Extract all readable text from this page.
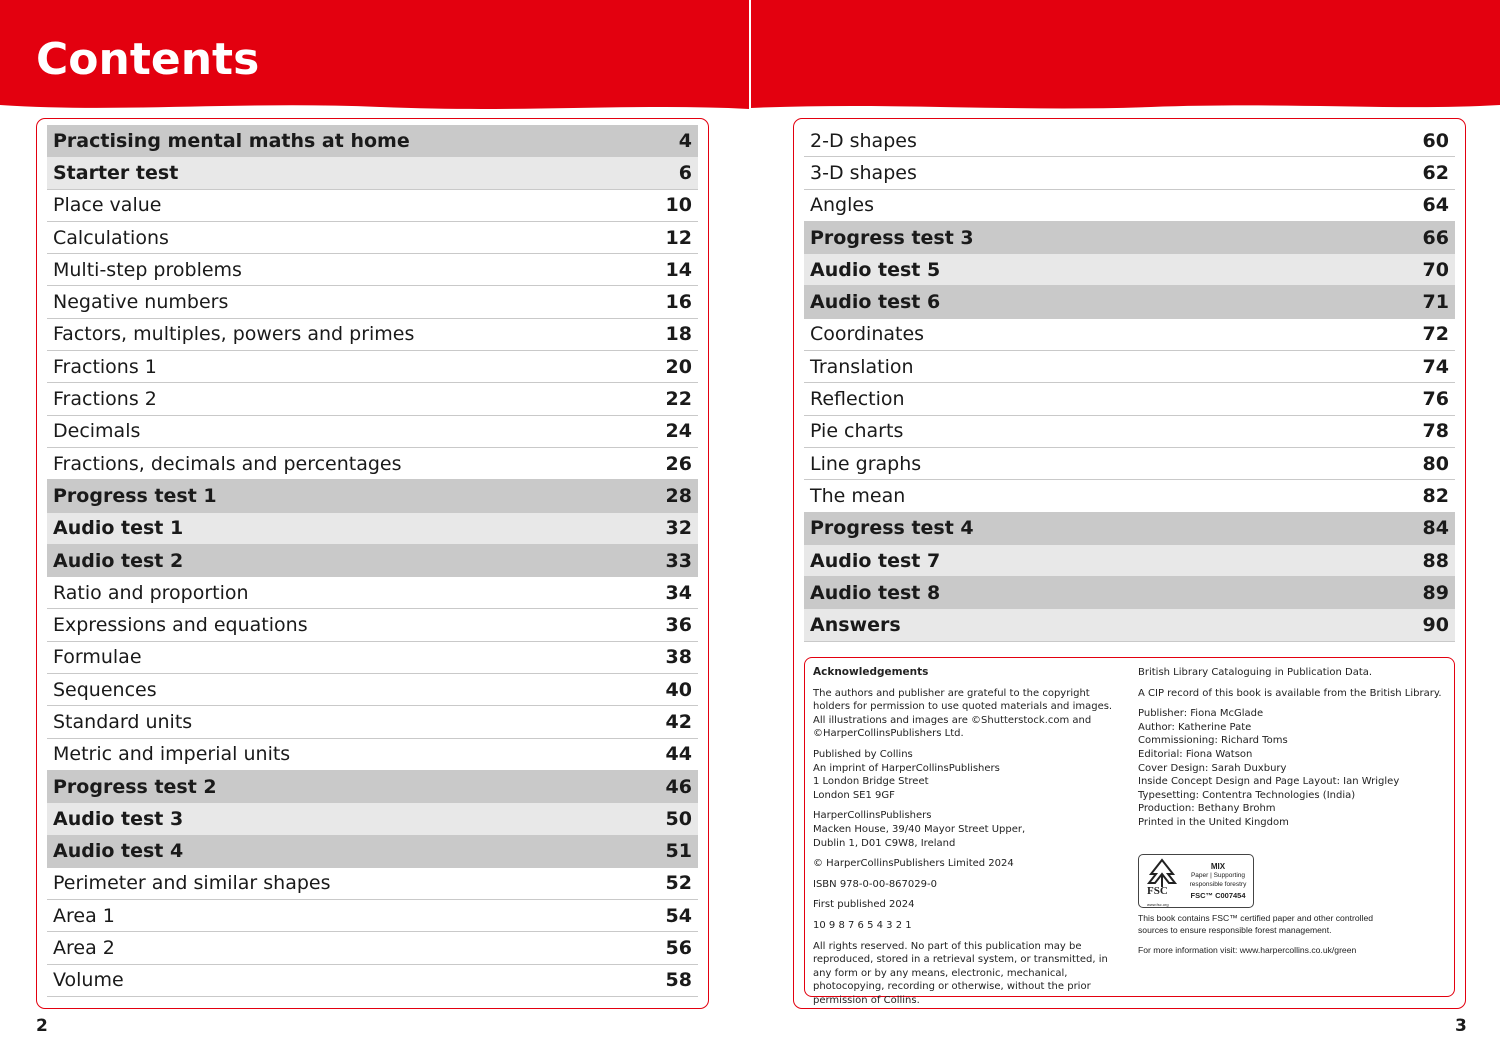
Contents
Practising mental maths at home	4
Starter test	6
Place value	10
Calculations	12
Multi-step problems	14
Negative numbers	16
Factors, multiples, powers and primes	18
Fractions 1	20
Fractions 2	22
Decimals	24
Fractions, decimals and percentages	26
Progress test 1	28
Audio test 1	32
Audio test 2	33
Ratio and proportion	34
Expressions and equations	36
Formulae	38
Sequences	40
Standard units	42
Metric and imperial units	44
Progress test 2	46
Audio test 3	50
Audio test 4	51
Perimeter and similar shapes	52
Area 1	54
Area 2	56
Volume	58
2-D shapes	60
3-D shapes	62
Angles	64
Progress test 3	66
Audio test 5	70
Audio test 6	71
Coordinates	72
Translation	74
Reflection	76
Pie charts	78
Line graphs	80
The mean	82
Progress test 4	84
Audio test 7	88
Audio test 8	89
Answers	90

Acknowledgements

The authors and publisher are grateful to the copyright holders for permission to use quoted materials and images. All illustrations and images are ©Shutterstock.com and ©HarperCollinsPublishers Ltd.

Published by Collins
An imprint of HarperCollinsPublishers
1 London Bridge Street
London SE1 9GF

HarperCollinsPublishers
Macken House, 39/40 Mayor Street Upper,
Dublin 1, D01 C9W8, Ireland

© HarperCollinsPublishers Limited 2024

ISBN 978-0-00-867029-0

First published 2024

10 9 8 7 6 5 4 3 2 1

All rights reserved. No part of this publication may be reproduced, stored in a retrieval system, or transmitted, in any form or by any means, electronic, mechanical, photocopying, recording or otherwise, without the prior permission of Collins.

British Library Cataloguing in Publication Data.

A CIP record of this book is available from the British Library.

Publisher: Fiona McGlade
Author: Katherine Pate
Commissioning: Richard Toms
Editorial: Fiona Watson
Cover Design: Sarah Duxbury
Inside Concept Design and Page Layout: Ian Wrigley
Typesetting: Contentra Technologies (India)
Production: Bethany Brohm
Printed in the United Kingdom

FSC
www.fsc.org
MIX
Paper | Supporting responsible forestry
FSC™ C007454
This book contains FSC™ certified paper and other controlled
sources to ensure responsible forest management.
For more information visit: www.harpercollins.co.uk/green
2	3
